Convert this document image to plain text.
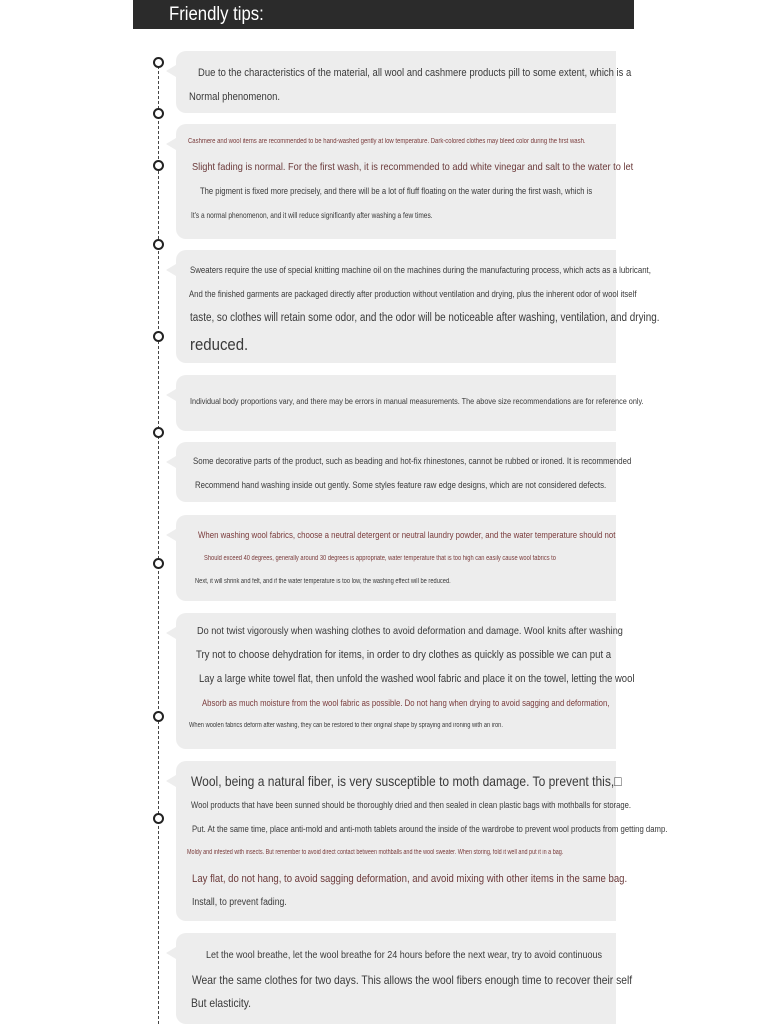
Friendly tips:
Due to the characteristics of the material, all wool and cashmere products pill to some extent, which is a
Normal phenomenon.
Cashmere and wool items are recommended to be hand-washed gently at low temperature. Dark-colored clothes may bleed color during the first wash.
Slight fading is normal. For the first wash, it is recommended to add white vinegar and salt to the water to let
The pigment is fixed more precisely, and there will be a lot of fluff floating on the water during the first wash, which is
It's a normal phenomenon, and it will reduce significantly after washing a few times.
Sweaters require the use of special knitting machine oil on the machines during the manufacturing process, which acts as a lubricant,
And the finished garments are packaged directly after production without ventilation and drying, plus the inherent odor of wool itself
taste, so clothes will retain some odor, and the odor will be noticeable after washing, ventilation, and drying.
reduced.
Individual body proportions vary, and there may be errors in manual measurements. The above size recommendations are for reference only.
Some decorative parts of the product, such as beading and hot-fix rhinestones, cannot be rubbed or ironed. It is recommended
Recommend hand washing inside out gently. Some styles feature raw edge designs, which are not considered defects.
When washing wool fabrics, choose a neutral detergent or neutral laundry powder, and the water temperature should not
Should exceed 40 degrees, generally around 30 degrees is appropriate, water temperature that is too high can easily cause wool fabrics to
Next, it will shrink and felt, and if the water temperature is too low, the washing effect will be reduced.
Do not twist vigorously when washing clothes to avoid deformation and damage. Wool knits after washing
Try not to choose dehydration for items, in order to dry clothes as quickly as possible we can put a
Lay a large white towel flat, then unfold the washed wool fabric and place it on the towel, letting the wool
Absorb as much moisture from the wool fabric as possible. Do not hang when drying to avoid sagging and deformation,
When woolen fabrics deform after washing, they can be restored to their original shape by spraying and ironing with an iron.
Wool, being a natural fiber, is very susceptible to moth damage. To prevent this,□
Wool products that have been sunned should be thoroughly dried and then sealed in clean plastic bags with mothballs for storage.
Put. At the same time, place anti-mold and anti-moth tablets around the inside of the wardrobe to prevent wool products from getting damp.
Moldy and infested with insects. But remember to avoid direct contact between mothballs and the wool sweater. When storing, fold it well and put it in a bag.
Lay flat, do not hang, to avoid sagging deformation, and avoid mixing with other items in the same bag.
Install, to prevent fading.
Let the wool breathe, let the wool breathe for 24 hours before the next wear, try to avoid continuous
Wear the same clothes for two days. This allows the wool fibers enough time to recover their self
But elasticity.
